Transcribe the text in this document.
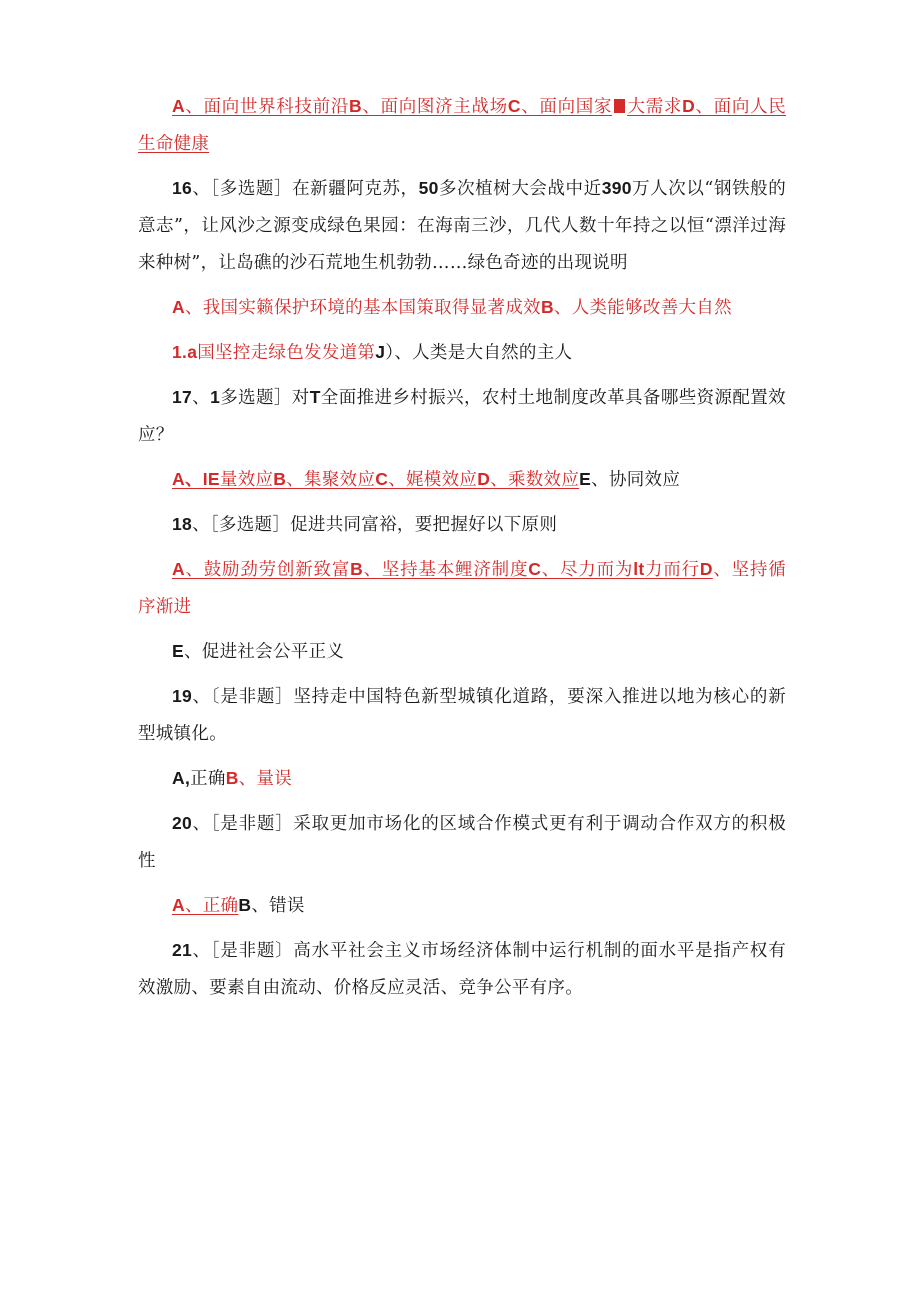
A、面向世界科技前沿B、面向图济主战场C、面向国家 大需求D、面向人民生命健康

16、［多选题］在新疆阿克苏，50多次植树大会战中近390万人次以“钢铁般的意志”，让风沙之源变成绿色果园：在海南三沙，几代人数十年持之以恒“漂洋过海来种树”，让岛礁的沙石荒地生机勃勃……绿色奇迹的出现说明

A、我国实籁保护环境的基本国策取得显著成效B、人类能够改善大自然

1.a国坚控走绿色发发道第J）、人类是大自然的主人

17、1多选题］对T全面推进乡村振兴，农村土地制度改革具备哪些资源配置效应？

A、IE量效应B、集聚效应C、娓模效应D、乘数效应E、协同效应

18、［多选题］促进共同富裕，要把握好以下原则

A、鼓励劲劳创新致富B、坚持基本鲤济制度C、尽力而为lt力而行D、坚持循序渐进

E、促进社会公平正义

19、〔是非题］坚持走中国特色新型城镇化道路，要深入推进以地为核心的新型城镇化。

A,正确B、量误

20、［是非题］采取更加市场化的区域合作模式更有利于调动合作双方的积极性

A、正确B、错误

21、［是非题〕高水平社会主义市场经济体制中运行机制的面水平是指产权有效激励、要素自由流动、价格反应灵活、竞争公平有序。
